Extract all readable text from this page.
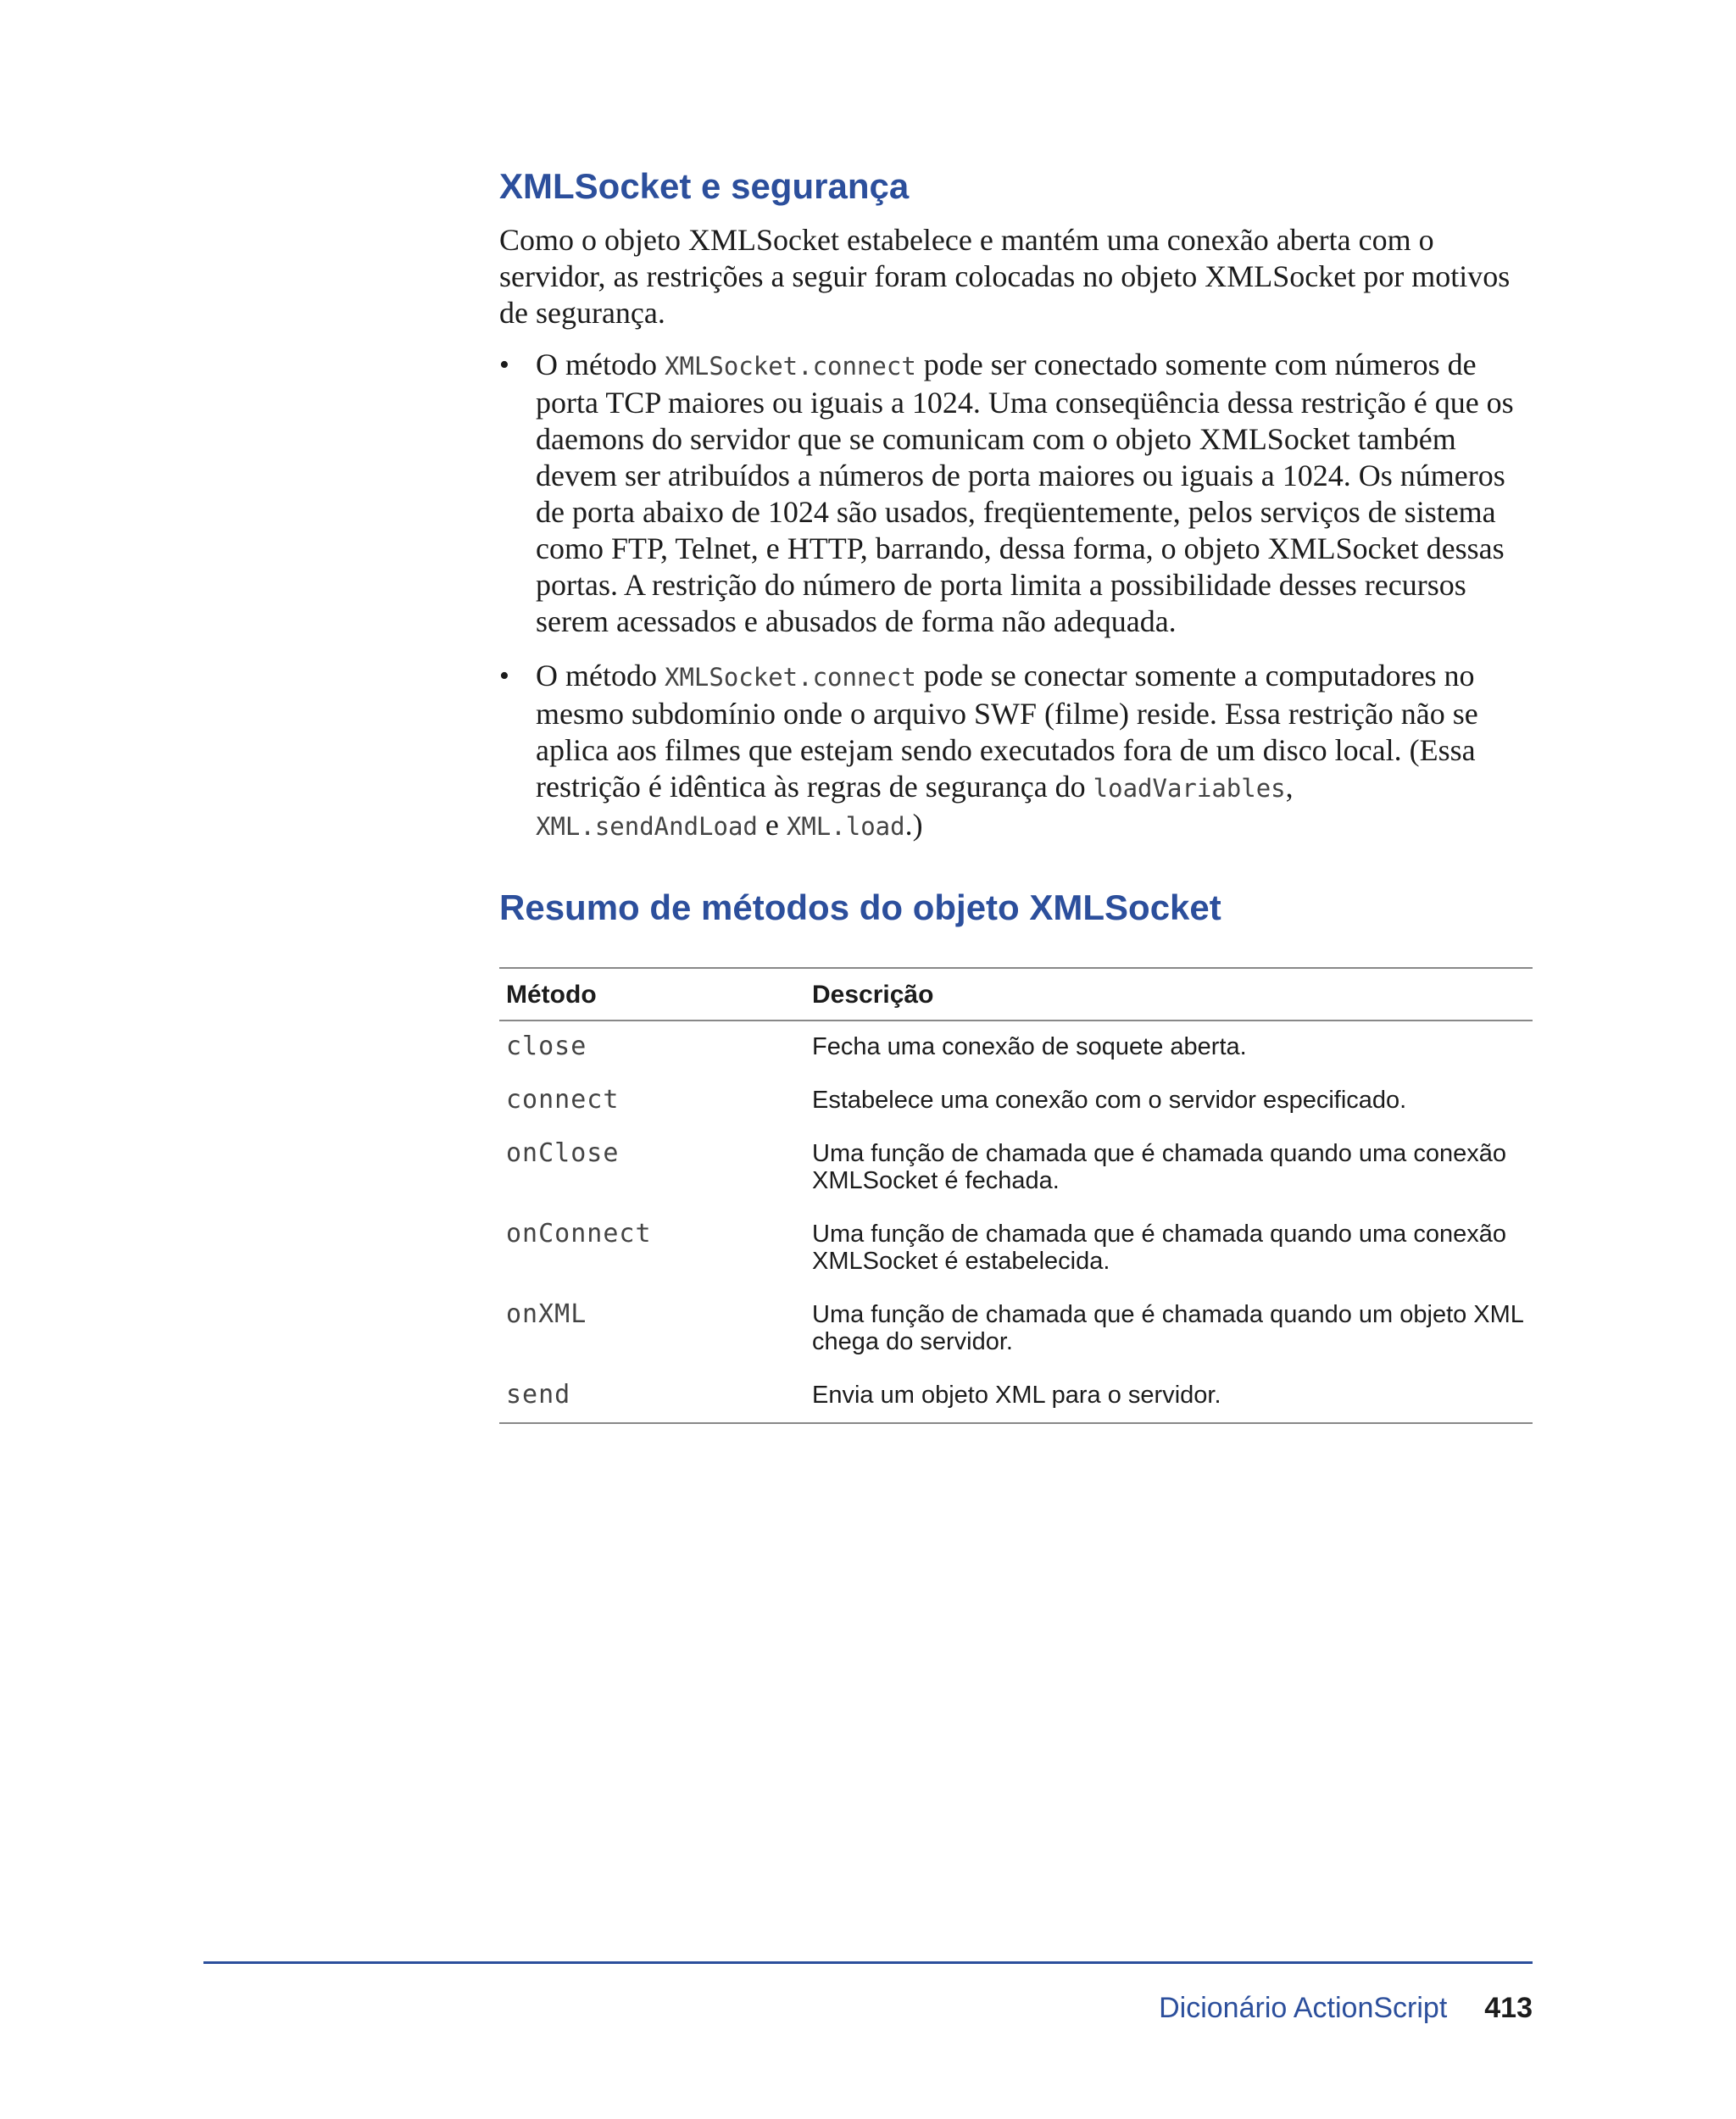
XMLSocket e segurança

Como o objeto XMLSocket estabelece e mantém uma conexão aberta com o servidor, as restrições a seguir foram colocadas no objeto XMLSocket por motivos de segurança.

• O método XMLSocket.connect pode ser conectado somente com números de porta TCP maiores ou iguais a 1024. Uma conseqüência dessa restrição é que os daemons do servidor que se comunicam com o objeto XMLSocket também devem ser atribuídos a números de porta maiores ou iguais a 1024. Os números de porta abaixo de 1024 são usados, freqüentemente, pelos serviços de sistema como FTP, Telnet, e HTTP, barrando, dessa forma, o objeto XMLSocket dessas portas. A restrição do número de porta limita a possibilidade desses recursos serem acessados e abusados de forma não adequada.
• O método XMLSocket.connect pode se conectar somente a computadores no mesmo subdomínio onde o arquivo SWF (filme) reside. Essa restrição não se aplica aos filmes que estejam sendo executados fora de um disco local. (Essa restrição é idêntica às regras de segurança do loadVariables,
XML.sendAndLoad e XML.load.)
Resumo de métodos do objeto XMLSocket
Método	Descrição
close	Fecha uma conexão de soquete aberta.
connect	Estabelece uma conexão com o servidor especificado.
onClose	Uma função de chamada que é chamada quando uma conexão XMLSocket é fechada.
onConnect	Uma função de chamada que é chamada quando uma conexão XMLSocket é estabelecida.
onXML	Uma função de chamada que é chamada quando um objeto XML chega do servidor.
send	Envia um objeto XML para o servidor.
Dicionário ActionScript 413
